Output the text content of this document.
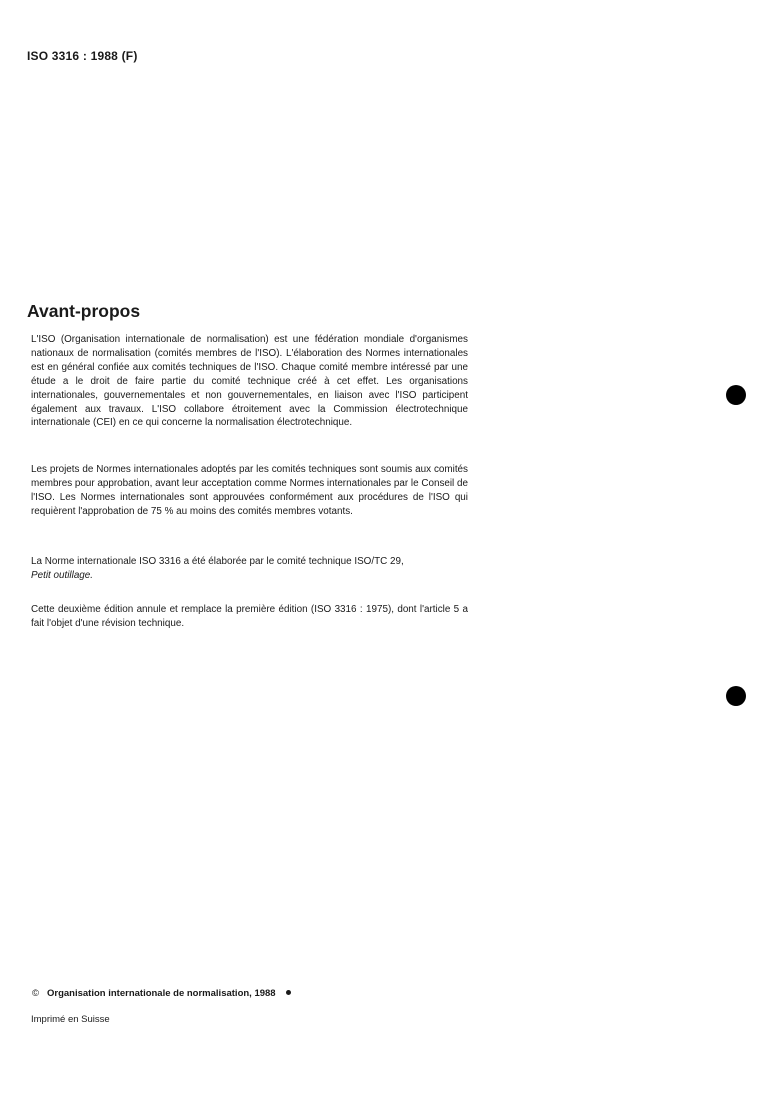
ISO 3316 : 1988 (F)
Avant-propos

L'ISO (Organisation internationale de normalisation) est une fédération mondiale d'organismes nationaux de normalisation (comités membres de l'ISO). L'élaboration des Normes internationales est en général confiée aux comités techniques de l'ISO. Chaque comité membre intéressé par une étude a le droit de faire partie du comité technique créé à cet effet. Les organisations internationales, gouvernementales et non gouvernementales, en liaison avec l'ISO participent également aux travaux. L'ISO collabore étroitement avec la Commission électrotechnique internationale (CEI) en ce qui concerne la normalisation électrotechnique.

Les projets de Normes internationales adoptés par les comités techniques sont soumis aux comités membres pour approbation, avant leur acceptation comme Normes internationales par le Conseil de l'ISO. Les Normes internationales sont approuvées conformément aux procédures de l'ISO qui requièrent l'approbation de 75 % au moins des comités membres votants.

La Norme internationale ISO 3316 a été élaborée par le comité technique ISO/TC 29,
Petit outillage.

Cette deuxième édition annule et remplace la première édition (ISO 3316 : 1975), dont l'article 5 a fait l'objet d'une révision technique.

© Organisation internationale de normalisation, 1988
Imprimé en Suisse
